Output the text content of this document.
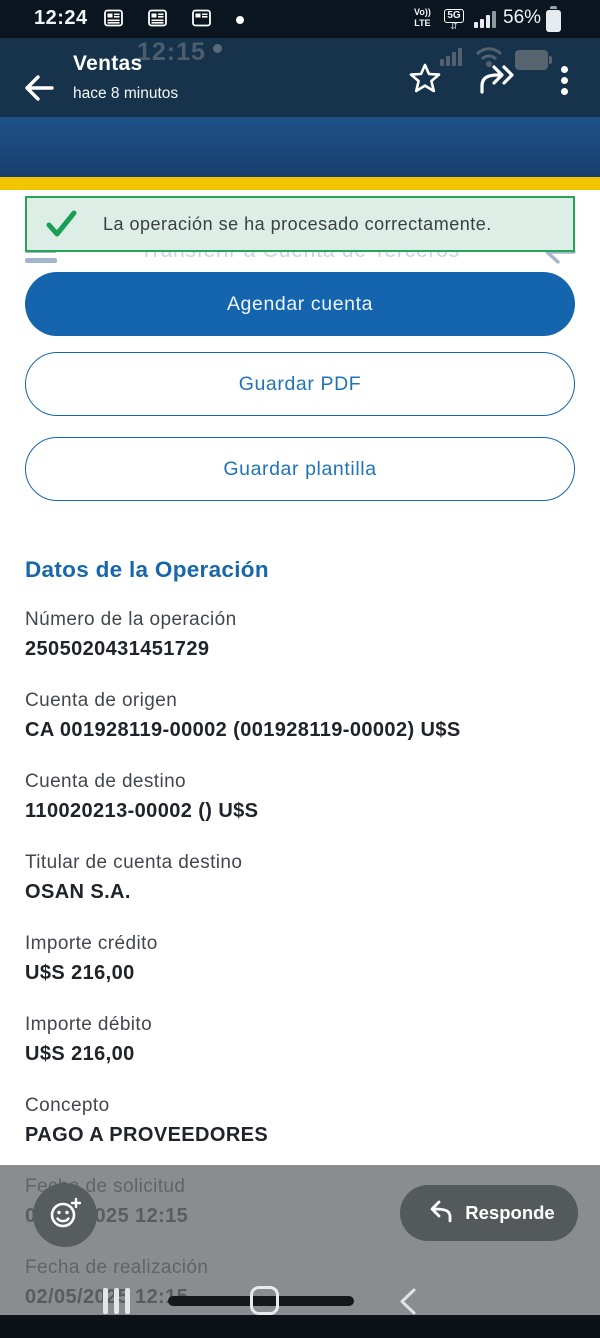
12:24	Vo))
LTE
5G
⇵	56%
12:15
Ventas
hace 8 minutos
La operación se ha procesado correctamente.
Agendar cuenta
Guardar PDF
Guardar plantilla
Datos de la Operación
Número de la operación
2505020431451729
Cuenta de origen
CA 001928119-00002 (001928119-00002) U$S
Cuenta de destino
110020213-00002 () U$S
Titular de cuenta destino
OSAN S.A.
Importe crédito
U$S 216,00
Importe débito
U$S 216,00
Concepto
PAGO A PROVEEDORES
Responde
